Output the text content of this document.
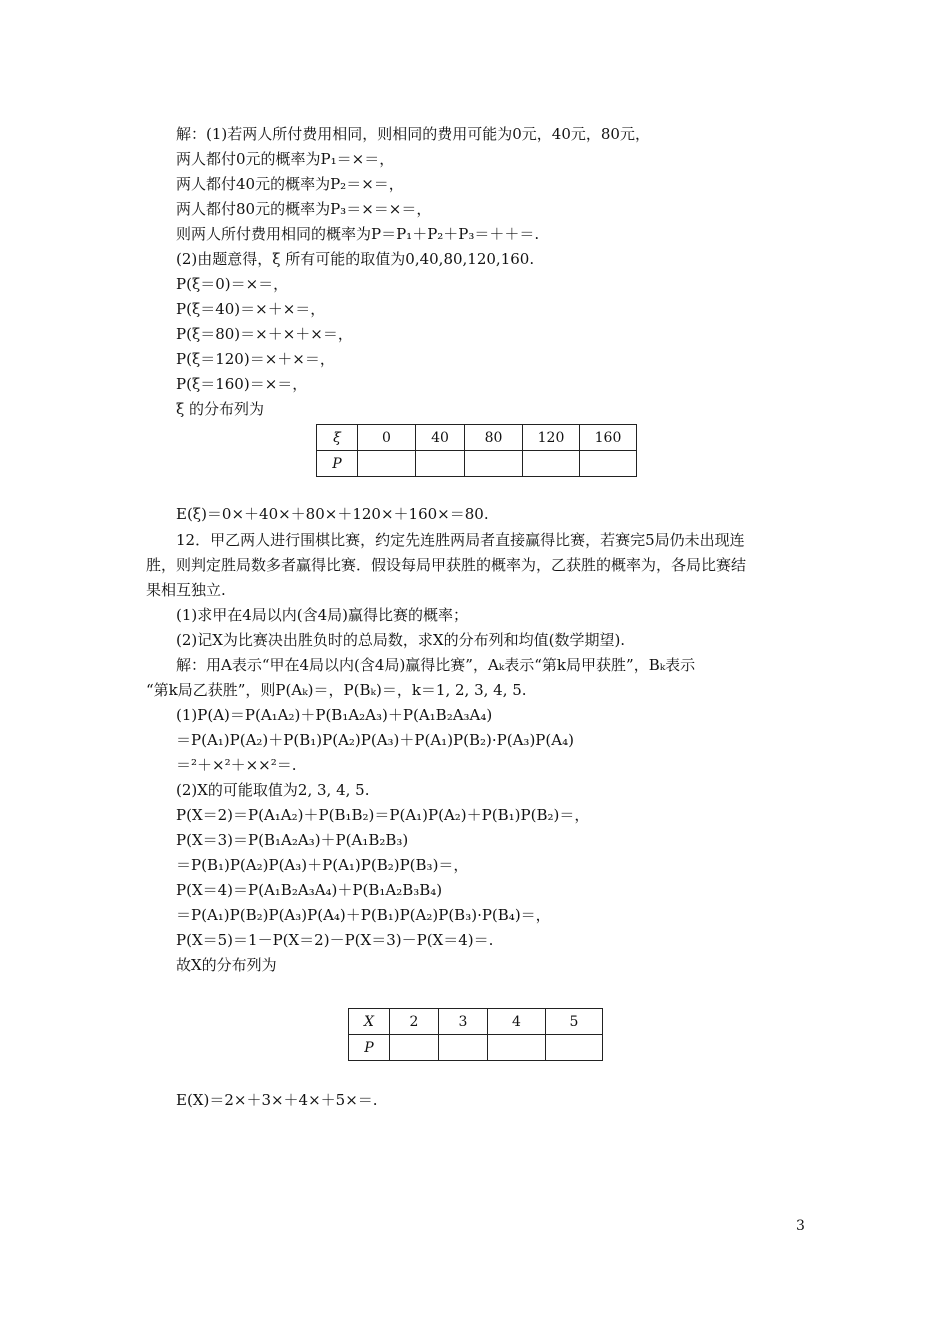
解：(1)若两人所付费用相同，则相同的费用可能为0元，40元，80元，
两人都付0元的概率为P₁＝×＝，
两人都付40元的概率为P₂＝×＝，
两人都付80元的概率为P₃＝×＝×＝，
则两人所付费用相同的概率为P＝P₁＋P₂＋P₃＝＋＋＝.
(2)由题意得，ξ 所有可能的取值为0,40,80,120,160.
P(ξ＝0)＝×＝，
P(ξ＝40)＝×＋×＝，
P(ξ＝80)＝×＋×＋×＝，
P(ξ＝120)＝×＋×＝，
P(ξ＝160)＝×＝，
ξ 的分布列为
ξ	0	40	80	120	160
P					
E(ξ)＝0×＋40×＋80×＋120×＋160×＝80.
12．甲乙两人进行围棋比赛，约定先连胜两局者直接赢得比赛，若赛完5局仍未出现连
胜，则判定胜局数多者赢得比赛．假设每局甲获胜的概率为，乙获胜的概率为，各局比赛结
果相互独立.
(1)求甲在4局以内(含4局)赢得比赛的概率；
(2)记X为比赛决出胜负时的总局数，求X的分布列和均值(数学期望).
解：用A表示“甲在4局以内(含4局)赢得比赛”，Aₖ表示“第k局甲获胜”，Bₖ表示
“第k局乙获胜”，则P(Aₖ)＝，P(Bₖ)＝，k＝1, 2, 3, 4, 5.
(1)P(A)＝P(A₁A₂)＋P(B₁A₂A₃)＋P(A₁B₂A₃A₄)
＝P(A₁)P(A₂)＋P(B₁)P(A₂)P(A₃)＋P(A₁)P(B₂)·P(A₃)P(A₄)
＝²＋×²＋××²＝.
(2)X的可能取值为2, 3, 4, 5.
P(X＝2)＝P(A₁A₂)＋P(B₁B₂)＝P(A₁)P(A₂)＋P(B₁)P(B₂)＝，
P(X＝3)＝P(B₁A₂A₃)＋P(A₁B₂B₃)
＝P(B₁)P(A₂)P(A₃)＋P(A₁)P(B₂)P(B₃)＝，
P(X＝4)＝P(A₁B₂A₃A₄)＋P(B₁A₂B₃B₄)
＝P(A₁)P(B₂)P(A₃)P(A₄)＋P(B₁)P(A₂)P(B₃)·P(B₄)＝，
P(X＝5)＝1－P(X＝2)－P(X＝3)－P(X＝4)＝.
故X的分布列为
X	2	3	4	5
P				
E(X)＝2×＋3×＋4×＋5×＝.
3
